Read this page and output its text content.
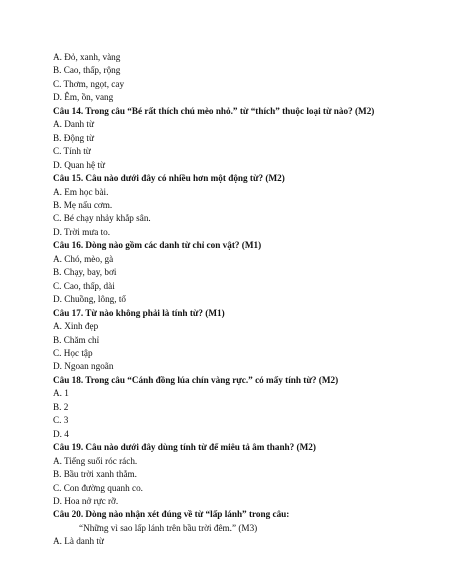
A. Đỏ, xanh, vàng
B. Cao, thấp, rộng
C. Thơm, ngọt, cay
D. Êm, ồn, vang
Câu 14. Trong câu “Bé rất thích chú mèo nhỏ.” từ “thích” thuộc loại từ nào? (M2)
A. Danh từ
B. Động từ
C. Tính từ
D. Quan hệ từ
Câu 15. Câu nào dưới đây có nhiều hơn một động từ? (M2)
A. Em học bài.
B. Mẹ nấu cơm.
C. Bé chạy nhảy khắp sân.
D. Trời mưa to.
Câu 16. Dòng nào gồm các danh từ chỉ con vật? (M1)
A. Chó, mèo, gà
B. Chạy, bay, bơi
C. Cao, thấp, dài
D. Chuồng, lông, tổ
Câu 17. Từ nào không phải là tính từ? (M1)
A. Xinh đẹp
B. Chăm chỉ
C. Học tập
D. Ngoan ngoãn
Câu 18. Trong câu “Cánh đồng lúa chín vàng rực.” có mấy tính từ? (M2)
A. 1
B. 2
C. 3
D. 4
Câu 19. Câu nào dưới đây dùng tính từ để miêu tả âm thanh? (M2)
A. Tiếng suối róc rách.
B. Bầu trời xanh thẳm.
C. Con đường quanh co.
D. Hoa nở rực rỡ.
Câu 20. Dòng nào nhận xét đúng về từ “lấp lánh” trong câu:
“Những vì sao lấp lánh trên bầu trời đêm.” (M3)
A. Là danh từ
